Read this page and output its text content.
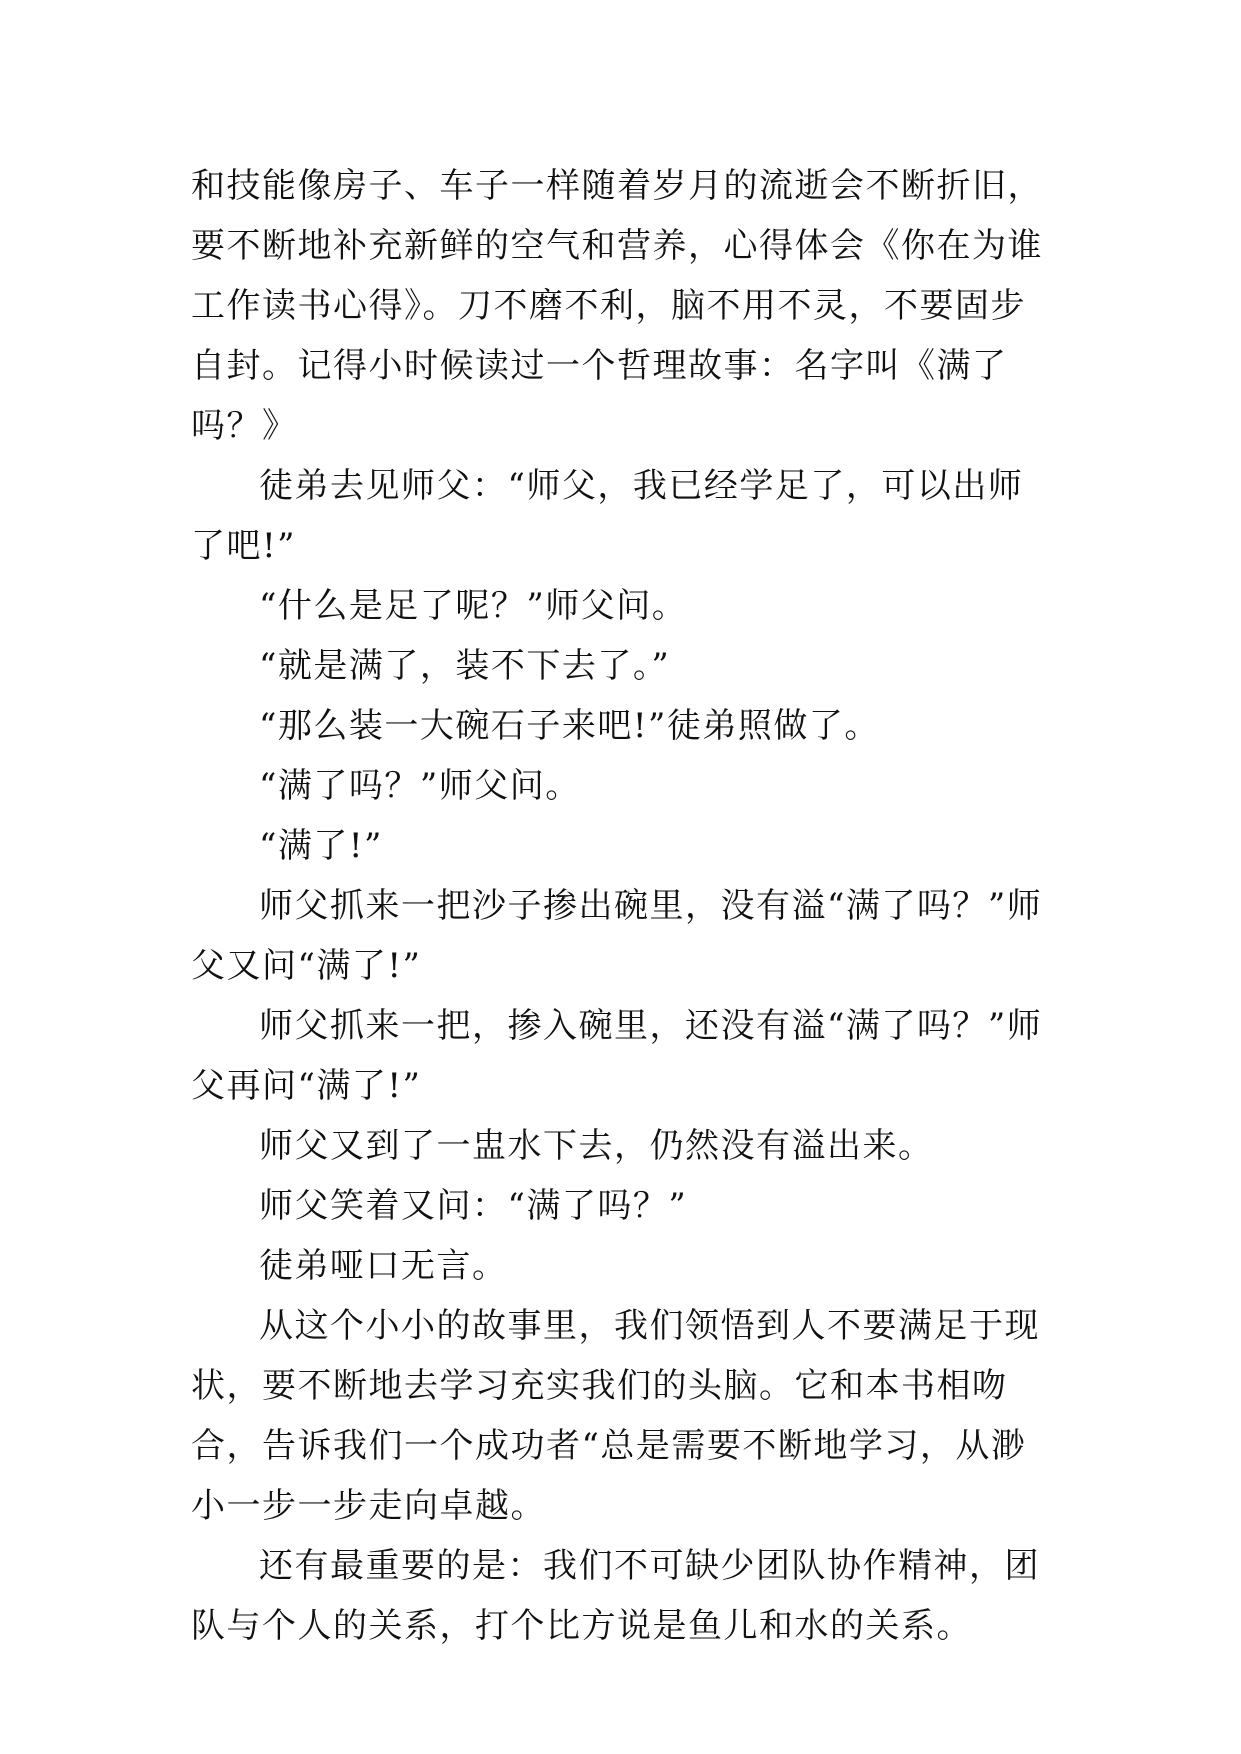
和技能像房子、车子一样随着岁月的流逝会不断折旧，要不断地补充新鲜的空气和营养，心得体会《你在为谁工作读书心得》。刀不磨不利，脑不用不灵，不要固步自封。记得小时候读过一个哲理故事：名字叫《满了吗？》

徒弟去见师父：“师父，我已经学足了，可以出师了吧!”

“什么是足了呢？”师父问。

“就是满了，装不下去了。”

“那么装一大碗石子来吧!”徒弟照做了。

“满了吗？”师父问。

“满了!”

师父抓来一把沙子掺出碗里，没有溢“满了吗？”师父又问“满了!”

师父抓来一把，掺入碗里，还没有溢“满了吗？”师父再问“满了!”

师父又到了一盅水下去，仍然没有溢出来。

师父笑着又问：“满了吗？”

徒弟哑口无言。

从这个小小的故事里，我们领悟到人不要满足于现状，要不断地去学习充实我们的头脑。它和本书相吻合，告诉我们一个成功者“总是需要不断地学习，从渺小一步一步走向卓越。

还有最重要的是：我们不可缺少团队协作精神，团队与个人的关系，打个比方说是鱼儿和水的关系。
